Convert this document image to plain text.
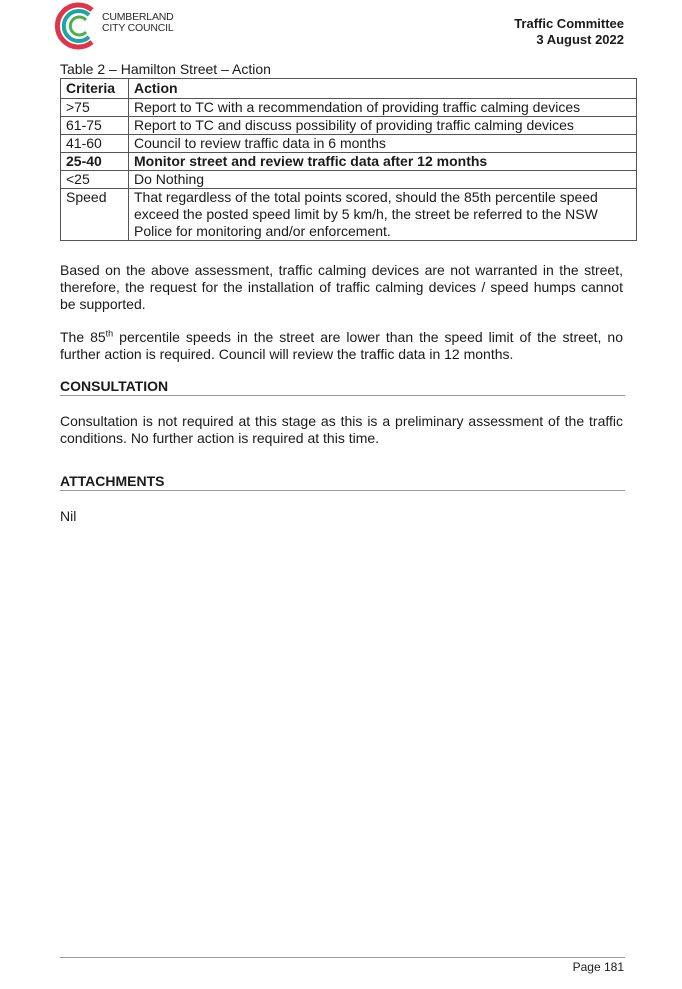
CUMBERLAND
CITY COUNCIL	Traffic Committee
3 August 2022
Table 2 – Hamilton Street – Action
Criteria	Action
>75	Report to TC with a recommendation of providing traffic calming devices
61-75	Report to TC and discuss possibility of providing traffic calming devices
41-60	Council to review traffic data in 6 months
25-40	Monitor street and review traffic data after 12 months
<25	Do Nothing
Speed	That regardless of the total points scored, should the 85th percentile speed exceed the posted speed limit by 5 km/h, the street be referred to the NSW Police for monitoring and/or enforcement.

Based on the above assessment, traffic calming devices are not warranted in the street, therefore, the request for the installation of traffic calming devices / speed humps cannot be supported.

The 85th percentile speeds in the street are lower than the speed limit of the street, no further action is required. Council will review the traffic data in 12 months.

CONSULTATION

Consultation is not required at this stage as this is a preliminary assessment of the traffic conditions. No further action is required at this time.

ATTACHMENTS

Nil

Page 181
